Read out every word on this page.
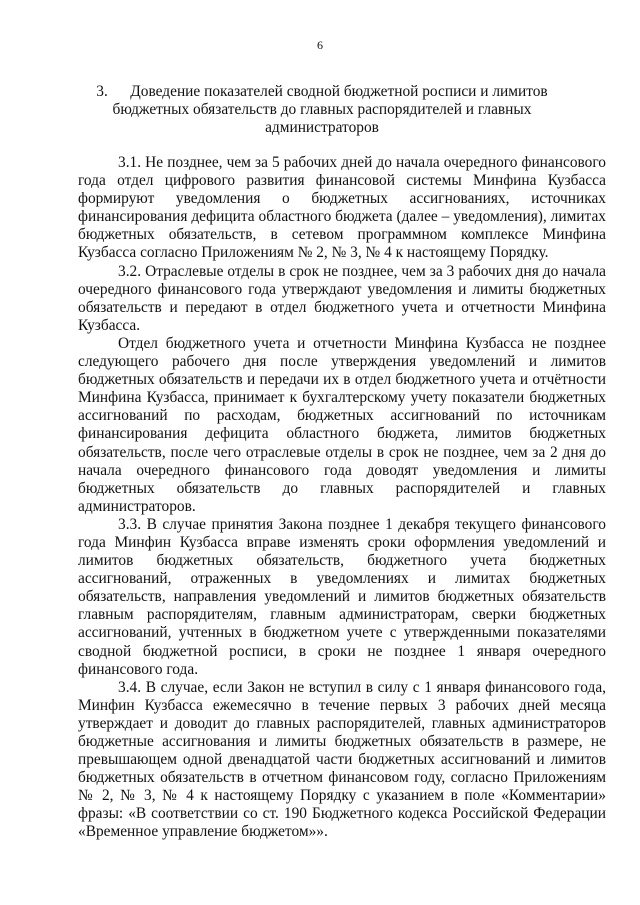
6
3. Доведение показателей сводной бюджетной росписи и лимитов бюджетных обязательств до главных распорядителей и главных администраторов

3.1. Не позднее, чем за 5 рабочих дней до начала очередного финансового года отдел цифрового развития финансовой системы Минфина Кузбасса формируют уведомления о бюджетных ассигнованиях, источниках финансирования дефицита областного бюджета (далее – уведомления), лимитах бюджетных обязательств, в сетевом программном комплексе Минфина Кузбасса согласно Приложениям № 2, № 3, № 4 к настоящему Порядку.

3.2. Отраслевые отделы в срок не позднее, чем за 3 рабочих дня до начала очередного финансового года утверждают уведомления и лимиты бюджетных обязательств и передают в отдел бюджетного учета и отчетности Минфина Кузбасса.

Отдел бюджетного учета и отчетности Минфина Кузбасса не позднее следующего рабочего дня после утверждения уведомлений и лимитов бюджетных обязательств и передачи их в отдел бюджетного учета и отчётности Минфина Кузбасса, принимает к бухгалтерскому учету показатели бюджетных ассигнований по расходам, бюджетных ассигнований по источникам финансирования дефицита областного бюджета, лимитов бюджетных обязательств, после чего отраслевые отделы в срок не позднее, чем за 2 дня до начала очередного финансового года доводят уведомления и лимиты бюджетных обязательств до главных распорядителей и главных администраторов.

3.3. В случае принятия Закона позднее 1 декабря текущего финансового года Минфин Кузбасса вправе изменять сроки оформления уведомлений и лимитов бюджетных обязательств, бюджетного учета бюджетных ассигнований, отраженных в уведомлениях и лимитах бюджетных обязательств, направления уведомлений и лимитов бюджетных обязательств главным распорядителям, главным администраторам, сверки бюджетных ассигнований, учтенных в бюджетном учете с утвержденными показателями сводной бюджетной росписи, в сроки не позднее 1 января очередного финансового года.

3.4. В случае, если Закон не вступил в силу с 1 января финансового года, Минфин Кузбасса ежемесячно в течение первых 3 рабочих дней месяца утверждает и доводит до главных распорядителей, главных администраторов бюджетные ассигнования и лимиты бюджетных обязательств в размере, не превышающем одной двенадцатой части бюджетных ассигнований и лимитов бюджетных обязательств в отчетном финансовом году, согласно Приложениям № 2, № 3, № 4 к настоящему Порядку с указанием в поле «Комментарии» фразы: «В соответствии со ст. 190 Бюджетного кодекса Российской Федерации «Временное управление бюджетом»».
